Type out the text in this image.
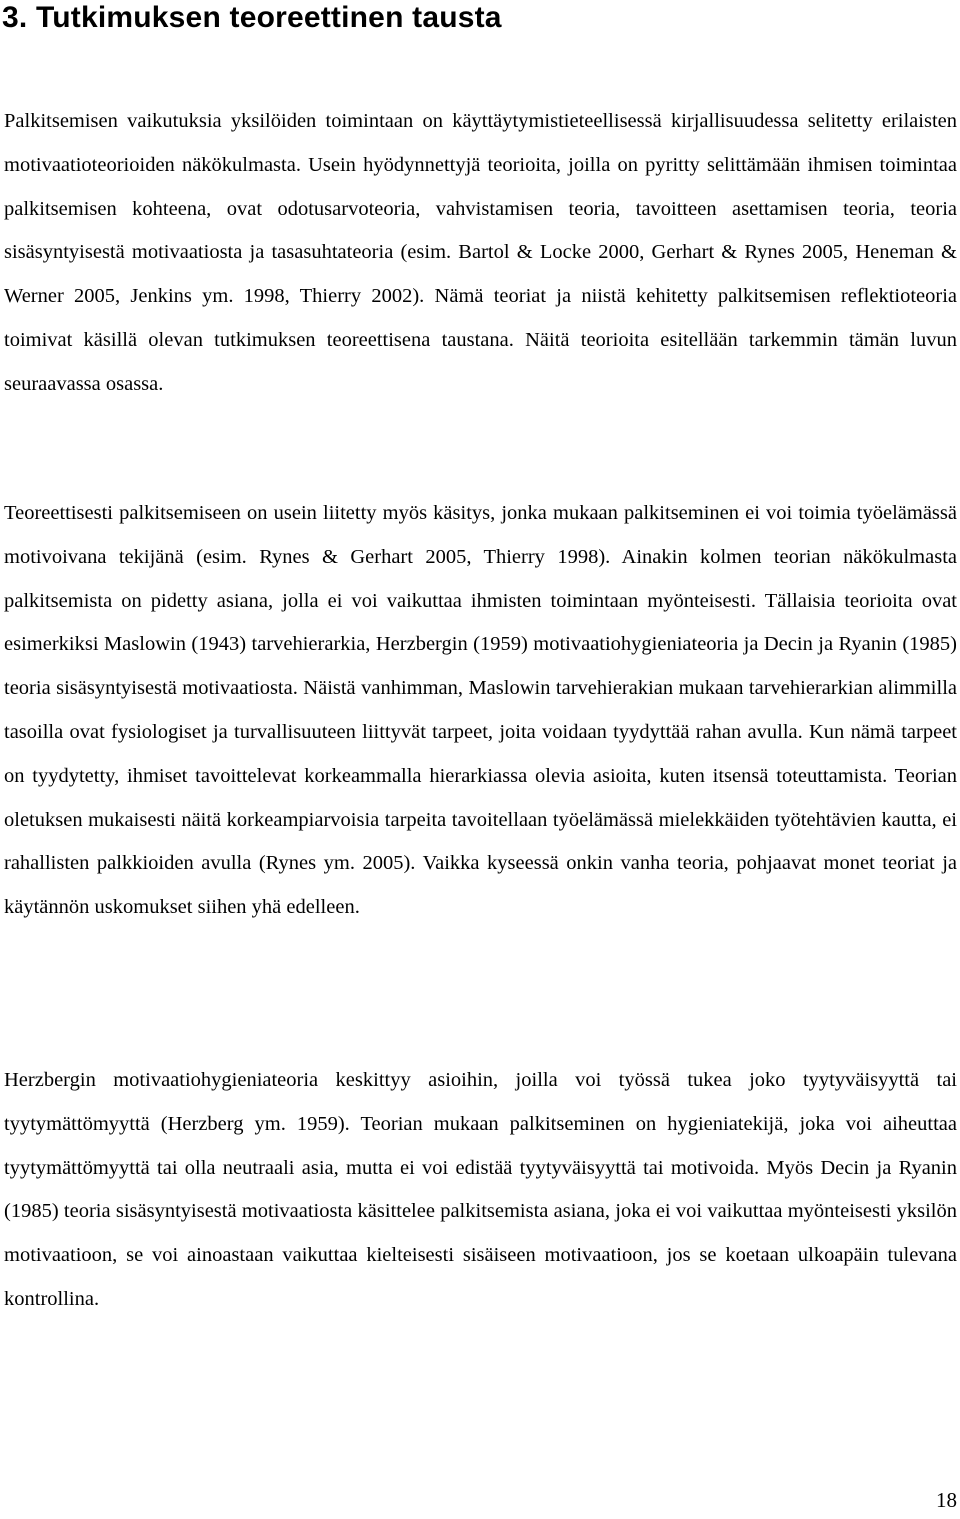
3. Tutkimuksen teoreettinen tausta

Palkitsemisen vaikutuksia yksilöiden toimintaan on käyttäytymistieteellisessä kirjallisuudessa selitetty erilaisten motivaatioteorioiden näkökulmasta. Usein hyödynnettyjä teorioita, joilla on pyritty selittämään ihmisen toimintaa palkitsemisen kohteena, ovat odotusarvoteoria, vahvistamisen teoria, tavoitteen asettamisen teoria, teoria sisäsyntyisestä motivaatiosta ja tasasuhtateoria (esim. Bartol & Locke 2000, Gerhart & Rynes 2005, Heneman & Werner 2005, Jenkins ym. 1998, Thierry 2002). Nämä teoriat ja niistä kehitetty palkitsemisen reflektioteoria toimivat käsillä olevan tutkimuksen teoreettisena taustana. Näitä teorioita esitellään tarkemmin tämän luvun seuraavassa osassa.

Teoreettisesti palkitsemiseen on usein liitetty myös käsitys, jonka mukaan palkitseminen ei voi toimia työelämässä motivoivana tekijänä (esim. Rynes & Gerhart 2005, Thierry 1998). Ainakin kolmen teorian näkökulmasta palkitsemista on pidetty asiana, jolla ei voi vaikuttaa ihmisten toimintaan myönteisesti. Tällaisia teorioita ovat esimerkiksi Maslowin (1943) tarvehierarkia, Herzbergin (1959) motivaatiohygieniateoria ja Decin ja Ryanin (1985) teoria sisäsyntyisestä motivaatiosta. Näistä vanhimman, Maslowin tarvehierakian mukaan tarvehierarkian alimmilla tasoilla ovat fysiologiset ja turvallisuuteen liittyvät tarpeet, joita voidaan tyydyttää rahan avulla. Kun nämä tarpeet on tyydytetty, ihmiset tavoittelevat korkeammalla hierarkiassa olevia asioita, kuten itsensä toteuttamista. Teorian oletuksen mukaisesti näitä korkeampiarvoisia tarpeita tavoitellaan työelämässä mielekkäiden työtehtävien kautta, ei rahallisten palkkioiden avulla (Rynes ym. 2005). Vaikka kyseessä onkin vanha teoria, pohjaavat monet teoriat ja käytännön uskomukset siihen yhä edelleen.

Herzbergin motivaatiohygieniateoria keskittyy asioihin, joilla voi työssä tukea joko tyytyväisyyttä tai tyytymättömyyttä (Herzberg ym. 1959). Teorian mukaan palkitseminen on hygieniatekijä, joka voi aiheuttaa tyytymättömyyttä tai olla neutraali asia, mutta ei voi edistää tyytyväisyyttä tai motivoida. Myös Decin ja Ryanin (1985) teoria sisäsyntyisestä motivaatiosta käsittelee palkitsemista asiana, joka ei voi vaikuttaa myönteisesti yksilön motivaatioon, se voi ainoastaan vaikuttaa kielteisesti sisäiseen motivaatioon, jos se koetaan ulkoapäin tulevana kontrollina.

18
